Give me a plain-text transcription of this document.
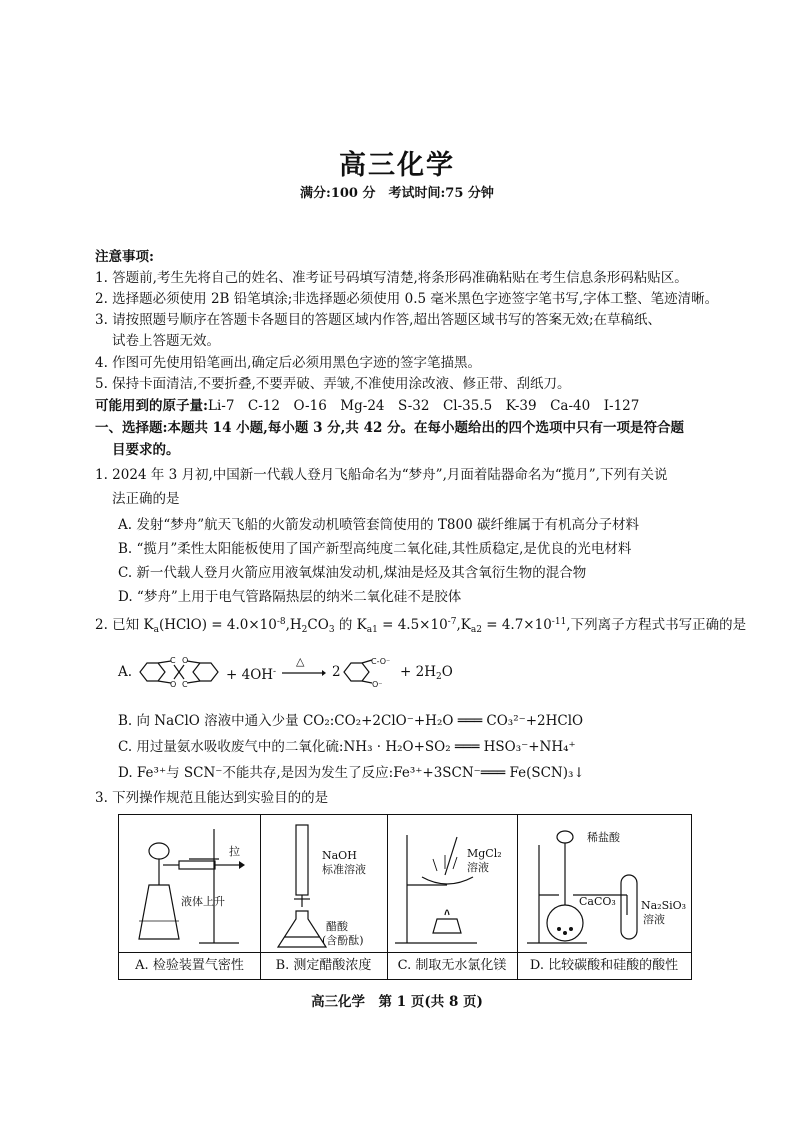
高三化学
满分:100 分　考试时间:75 分钟
注意事项:
1. 答题前,考生先将自己的姓名、准考证号码填写清楚,将条形码准确粘贴在考生信息条形码粘贴区。
2. 选择题必须使用 2B 铅笔填涂;非选择题必须使用 0.5 毫米黑色字迹签字笔书写,字体工整、笔迹清晰。
3. 请按照题号顺序在答题卡各题目的答题区域内作答,超出答题区域书写的答案无效;在草稿纸、
试卷上答题无效。
4. 作图可先使用铅笔画出,确定后必须用黑色字迹的签字笔描黑。
5. 保持卡面清洁,不要折叠,不要弄破、弄皱,不准使用涂改液、修正带、刮纸刀。
可能用到的原子量:Li-7　C-12　O-16　Mg-24　S-32　Cl-35.5　K-39　Ca-40　I-127
一、选择题:本题共 14 小题,每小题 3 分,共 42 分。在每小题给出的四个选项中只有一项是符合题
目要求的。
1. 2024 年 3 月初,中国新一代载人登月飞船命名为“梦舟”,月面着陆器命名为“揽月”,下列有关说
法正确的是
A. 发射“梦舟”航天飞船的火箭发动机喷管套筒使用的 T800 碳纤维属于有机高分子材料
B. “揽月”柔性太阳能板使用了国产新型高纯度二氧化硅,其性质稳定,是优良的光电材料
C. 新一代载人登月火箭应用液氧煤油发动机,煤油是烃及其含氧衍生物的混合物
D. “梦舟”上用于电气管路隔热层的纳米二氧化硅不是胶体
2. 已知 $K_a(HClO) = 4.0\times 10^{-8},H_2CO_3$ 的 $K_{a1} = 4.5\times 10^{-7},K_{a2} = 4.7\times 10^{-11}$,下列离子方程式书写正确的是
A.
C O
O C
+ 4OH-
△
2
C-O⁻
O⁻
+ $2H_2O$
B. 向 NaClO 溶液中通入少量 CO₂:CO₂+2ClO⁻+H₂O ═══ CO₃²⁻+2HClO
C. 用过量氨水吸收废气中的二氧化硫:NH₃ · H₂O+SO₂ ═══ HSO₃⁻+NH₄⁺
D. Fe³⁺与 SCN⁻不能共存,是因为发生了反应:Fe³⁺+3SCN⁻═══ Fe(SCN)₃↓
3. 下列操作规范且能达到实验目的的是
拉
液体上升
A. 检验装置气密性
NaOH
标准溶液
醋酸
(含酚酞)
B. 测定醋酸浓度
MgCl₂
溶液
C. 制取无水氯化镁
稀盐酸
CaCO₃ Na₂SiO₃
溶液
D. 比较碳酸和硅酸的酸性
高三化学　第 1 页(共 8 页)
